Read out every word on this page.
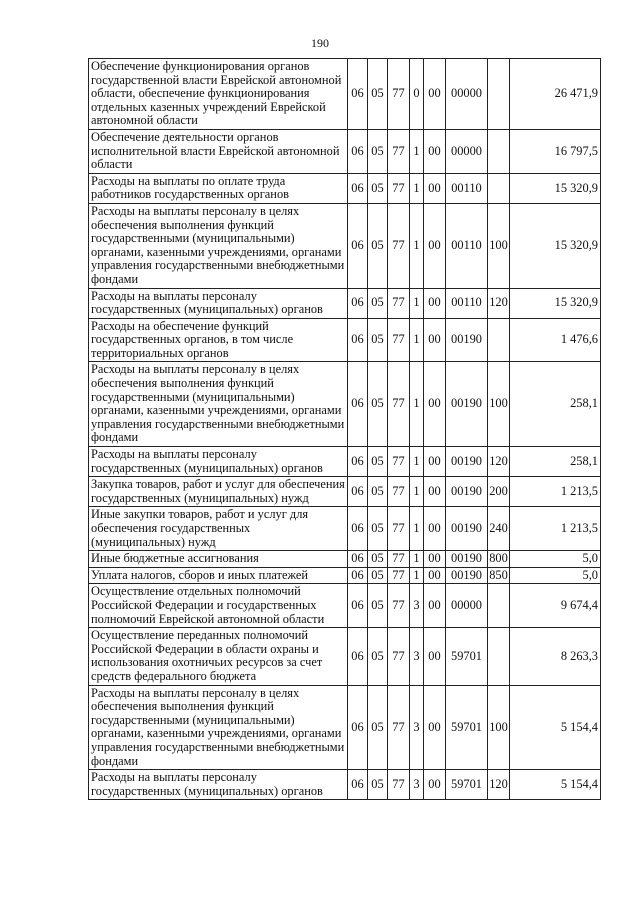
190
Обеспечение функционирования органов государственной власти Еврейской автономной области, обеспечение функционирования отдельных казенных учреждений Еврейской автономной области	06	05	77	0	00	00000		26 471,9
Обеспечение деятельности органов исполнительной власти Еврейской автономной области	06	05	77	1	00	00000		16 797,5
Расходы на выплаты по оплате труда работников государственных органов	06	05	77	1	00	00110		15 320,9
Расходы на выплаты персоналу в целях обеспечения выполнения функций государственными (муниципальными) органами, казенными учреждениями, органами управления государственными внебюджетными фондами	06	05	77	1	00	00110	100	15 320,9
Расходы на выплаты персоналу государственных (муниципальных) органов	06	05	77	1	00	00110	120	15 320,9
Расходы на обеспечение функций государственных органов, в том числе территориальных органов	06	05	77	1	00	00190		1 476,6
Расходы на выплаты персоналу в целях обеспечения выполнения функций государственными (муниципальными) органами, казенными учреждениями, органами управления государственными внебюджетными фондами	06	05	77	1	00	00190	100	258,1
Расходы на выплаты персоналу государственных (муниципальных) органов	06	05	77	1	00	00190	120	258,1
Закупка товаров, работ и услуг для обеспечения государственных (муниципальных) нужд	06	05	77	1	00	00190	200	1 213,5
Иные закупки товаров, работ и услуг для обеспечения государственных (муниципальных) нужд	06	05	77	1	00	00190	240	1 213,5
Иные бюджетные ассигнования	06	05	77	1	00	00190	800	5,0
Уплата налогов, сборов и иных платежей	06	05	77	1	00	00190	850	5,0
Осуществление отдельных полномочий Российской Федерации и государственных полномочий Еврейской автономной области	06	05	77	3	00	00000		9 674,4
Осуществление переданных полномочий Российской Федерации в области охраны и использования охотничьих ресурсов за счет средств федерального бюджета	06	05	77	3	00	59701		8 263,3
Расходы на выплаты персоналу в целях обеспечения выполнения функций государственными (муниципальными) органами, казенными учреждениями, органами управления государственными внебюджетными фондами	06	05	77	3	00	59701	100	5 154,4
Расходы на выплаты персоналу государственных (муниципальных) органов	06	05	77	3	00	59701	120	5 154,4
